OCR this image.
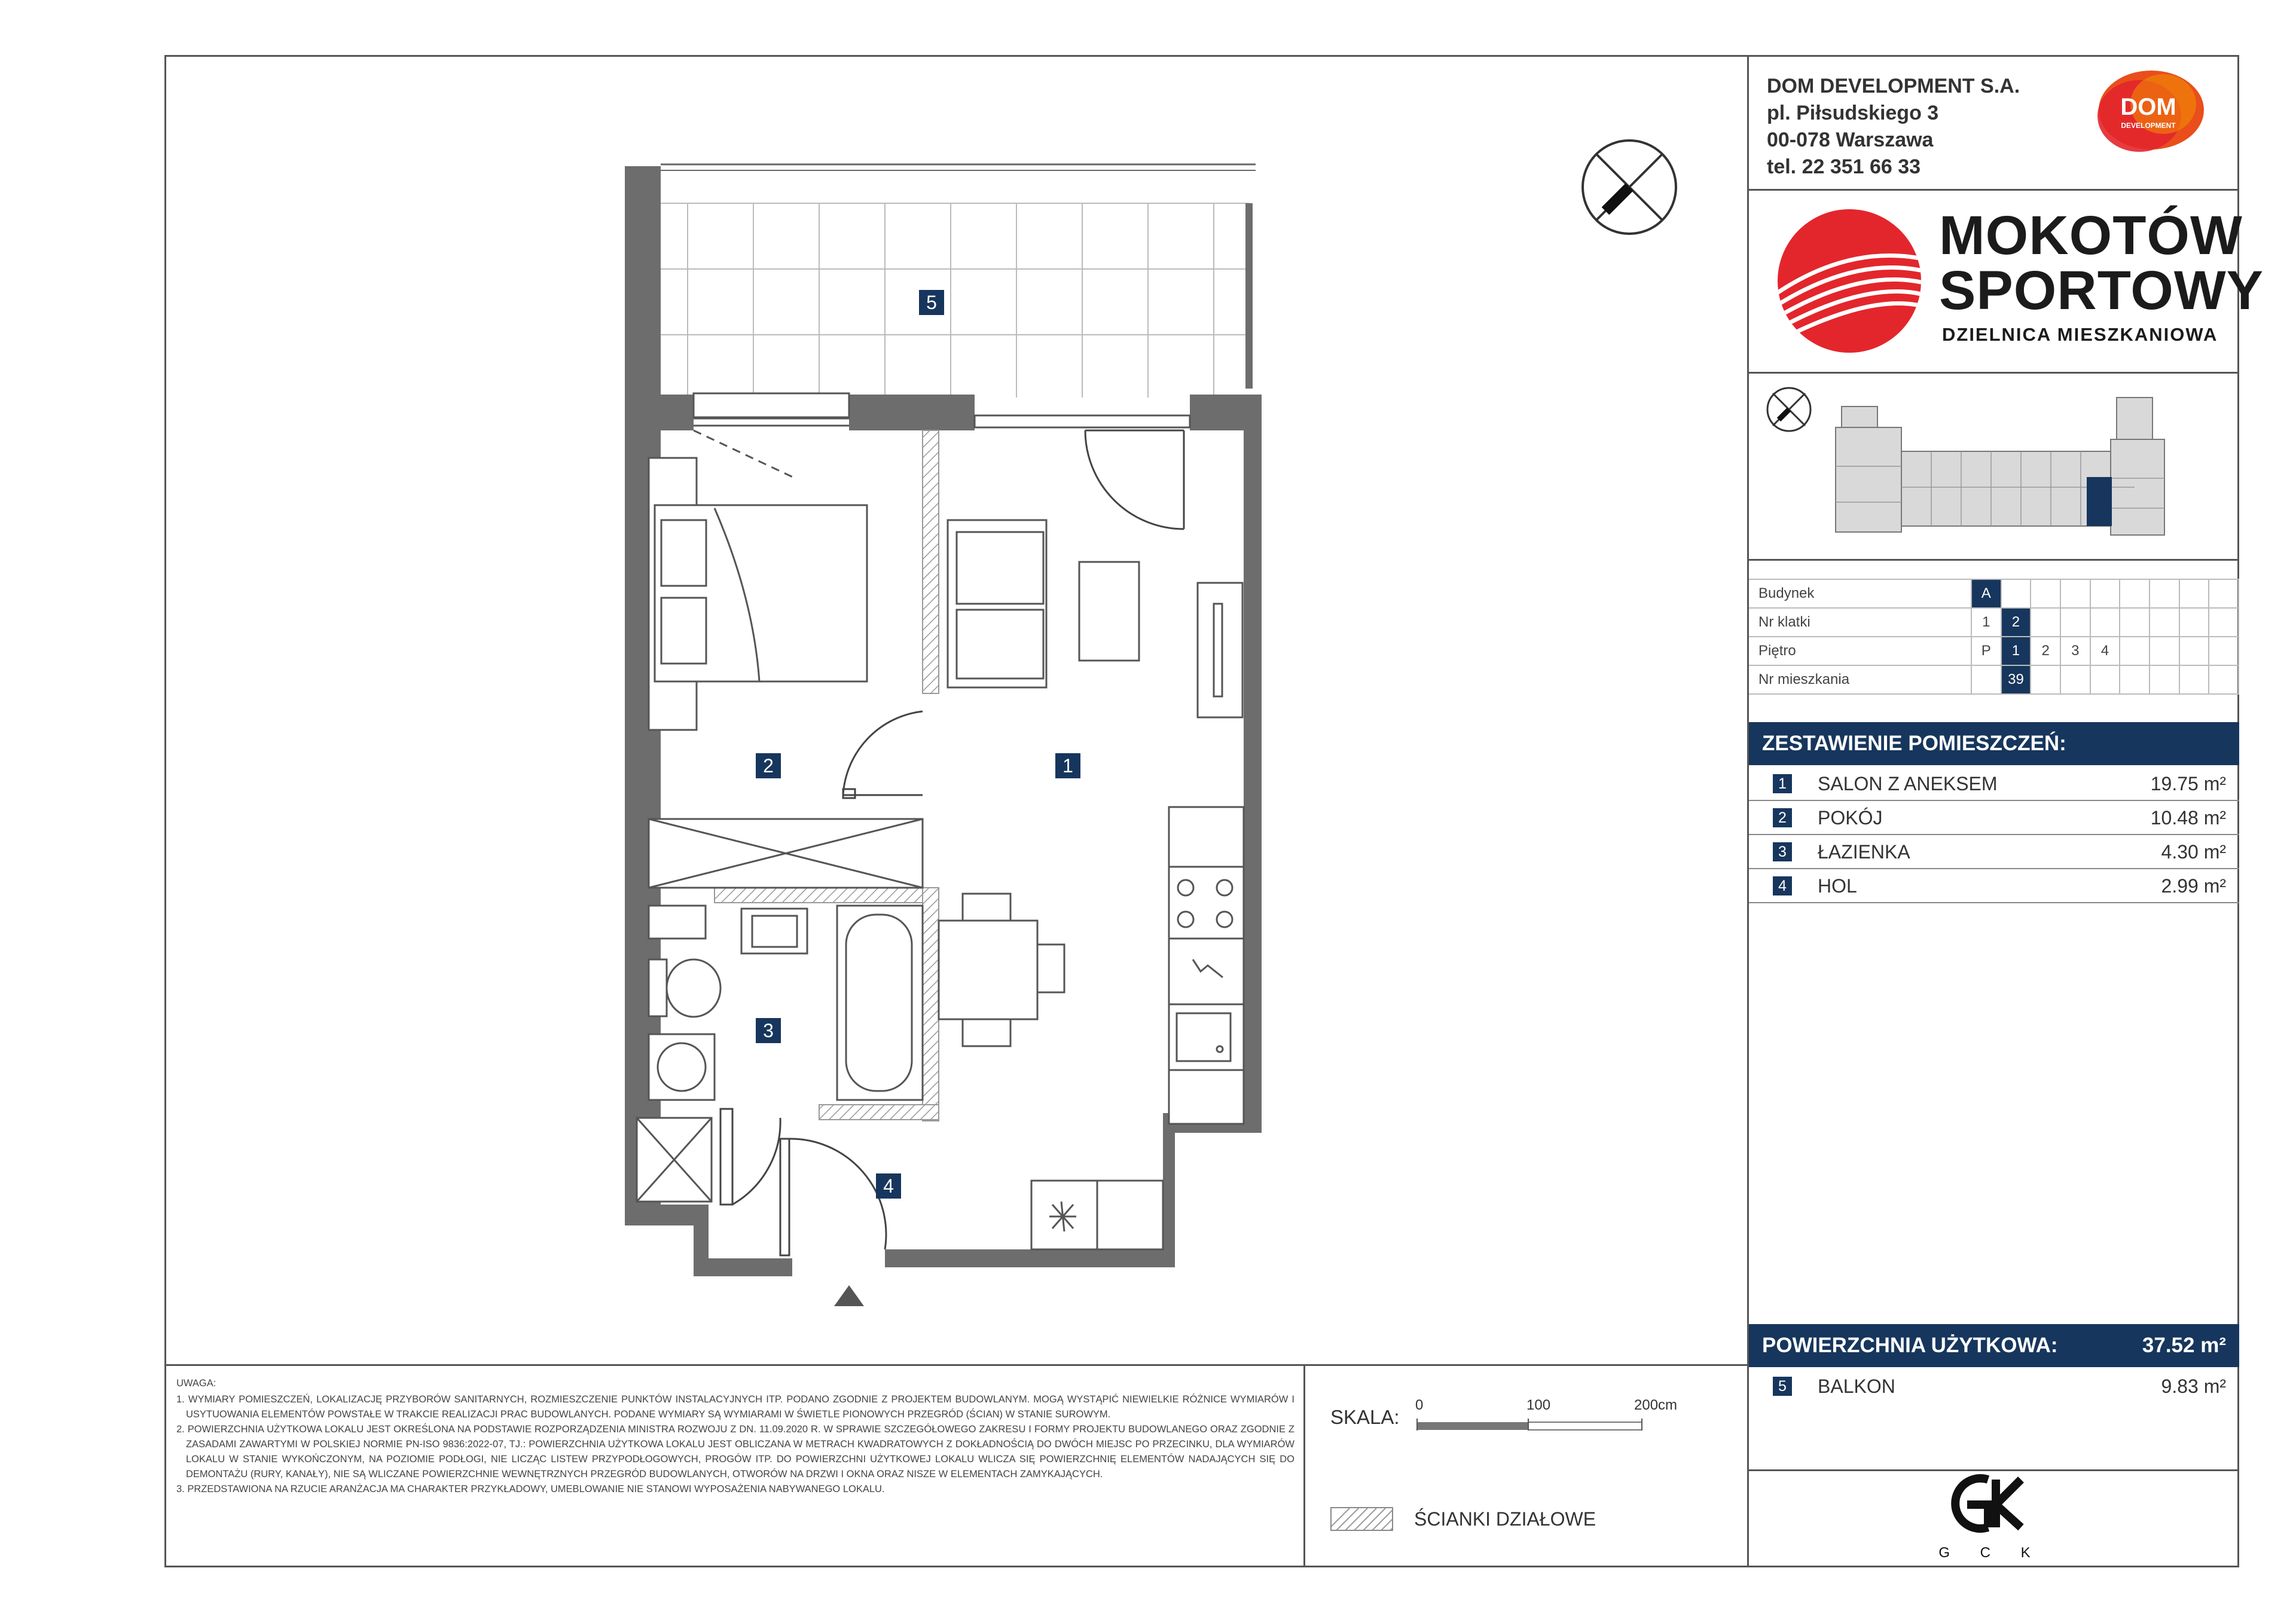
DOM DEVELOPMENT S.A.
pl. Piłsudskiego 3
00-078 Warszawa
tel. 22 351 66 33
DOM
DEVELOPMENT
MOKOTÓW
SPORTOWY
DZIELNICA MIESZKANIOWA
Budynek	A								
Nr klatki	1	2							
Piętro	P	1	2	3	4				
Nr mieszkania		39							
ZESTAWIENIE POMIESZCZEŃ:
1 SALON Z ANEKSEM	19.75 m²
2 POKÓJ	10.48 m²
3 ŁAZIENKA	4.30 m²
4 HOL	2.99 m²
POWIERZCHNIA UŻYTKOWA:	37.52 m²
5 BALKON	9.83 m²
UWAGA:
1. WYMIARY POMIESZCZEŃ, LOKALIZACJĘ PRZYBORÓW SANITARNYCH, ROZMIESZCZENIE PUNKTÓW INSTALACYJNYCH ITP. PODANO ZGODNIE Z PROJEKTEM BUDOWLANYM. MOGĄ WYSTĄPIĆ NIEWIELKIE RÓŻNICE WYMIARÓW I USYTUOWANIA ELEMENTÓW POWSTAŁE W TRAKCIE REALIZACJI PRAC BUDOWLANYCH. PODANE WYMIARY SĄ WYMIARAMI W ŚWIETLE PIONOWYCH PRZEGRÓD (ŚCIAN) W STANIE SUROWYM.
2. POWIERZCHNIA UŻYTKOWA LOKALU JEST OKREŚLONA NA PODSTAWIE ROZPORZĄDZENIA MINISTRA ROZWOJU Z DN. 11.09.2020 R. W SPRAWIE SZCZEGÓŁOWEGO ZAKRESU I FORMY PROJEKTU BUDOWLANEGO ORAZ ZGODNIE Z ZASADAMI ZAWARTYMI W POLSKIEJ NORMIE PN-ISO 9836:2022-07, TJ.: POWIERZCHNIA UŻYTKOWA LOKALU JEST OBLICZANA W METRACH KWADRATOWYCH Z DOKŁADNOŚCIĄ DO DWÓCH MIEJSC PO PRZECINKU, DLA WYMIARÓW LOKALU W STANIE WYKOŃCZONYM, NA POZIOMIE PODŁOGI, NIE LICZĄC LISTEW PRZYPODŁOGOWYCH, PROGÓW ITP. DO POWIERZCHNI UŻYTKOWEJ LOKALU WLICZA SIĘ POWIERZCHNIĘ ELEMENTÓW NADAJĄCYCH SIĘ DO DEMONTAŻU (RURY, KANAŁY), NIE SĄ WLICZANE POWIERZCHNIE WEWNĘTRZNYCH PRZEGRÓD BUDOWLANYCH, OTWORÓW NA DRZWI I OKNA ORAZ NISZE W ELEMENTACH ZAMYKAJĄCYCH.
3. PRZEDSTAWIONA NA RZUCIE ARANŻACJA MA CHARAKTER PRZYKŁADOWY, UMEBLOWANIE NIE STANOWI WYPOSAŻENIA NABYWANEGO LOKALU.
SKALA:
0	100	200cm
ŚCIANKI DZIAŁOWE
G C K
5
1
2
3
4
